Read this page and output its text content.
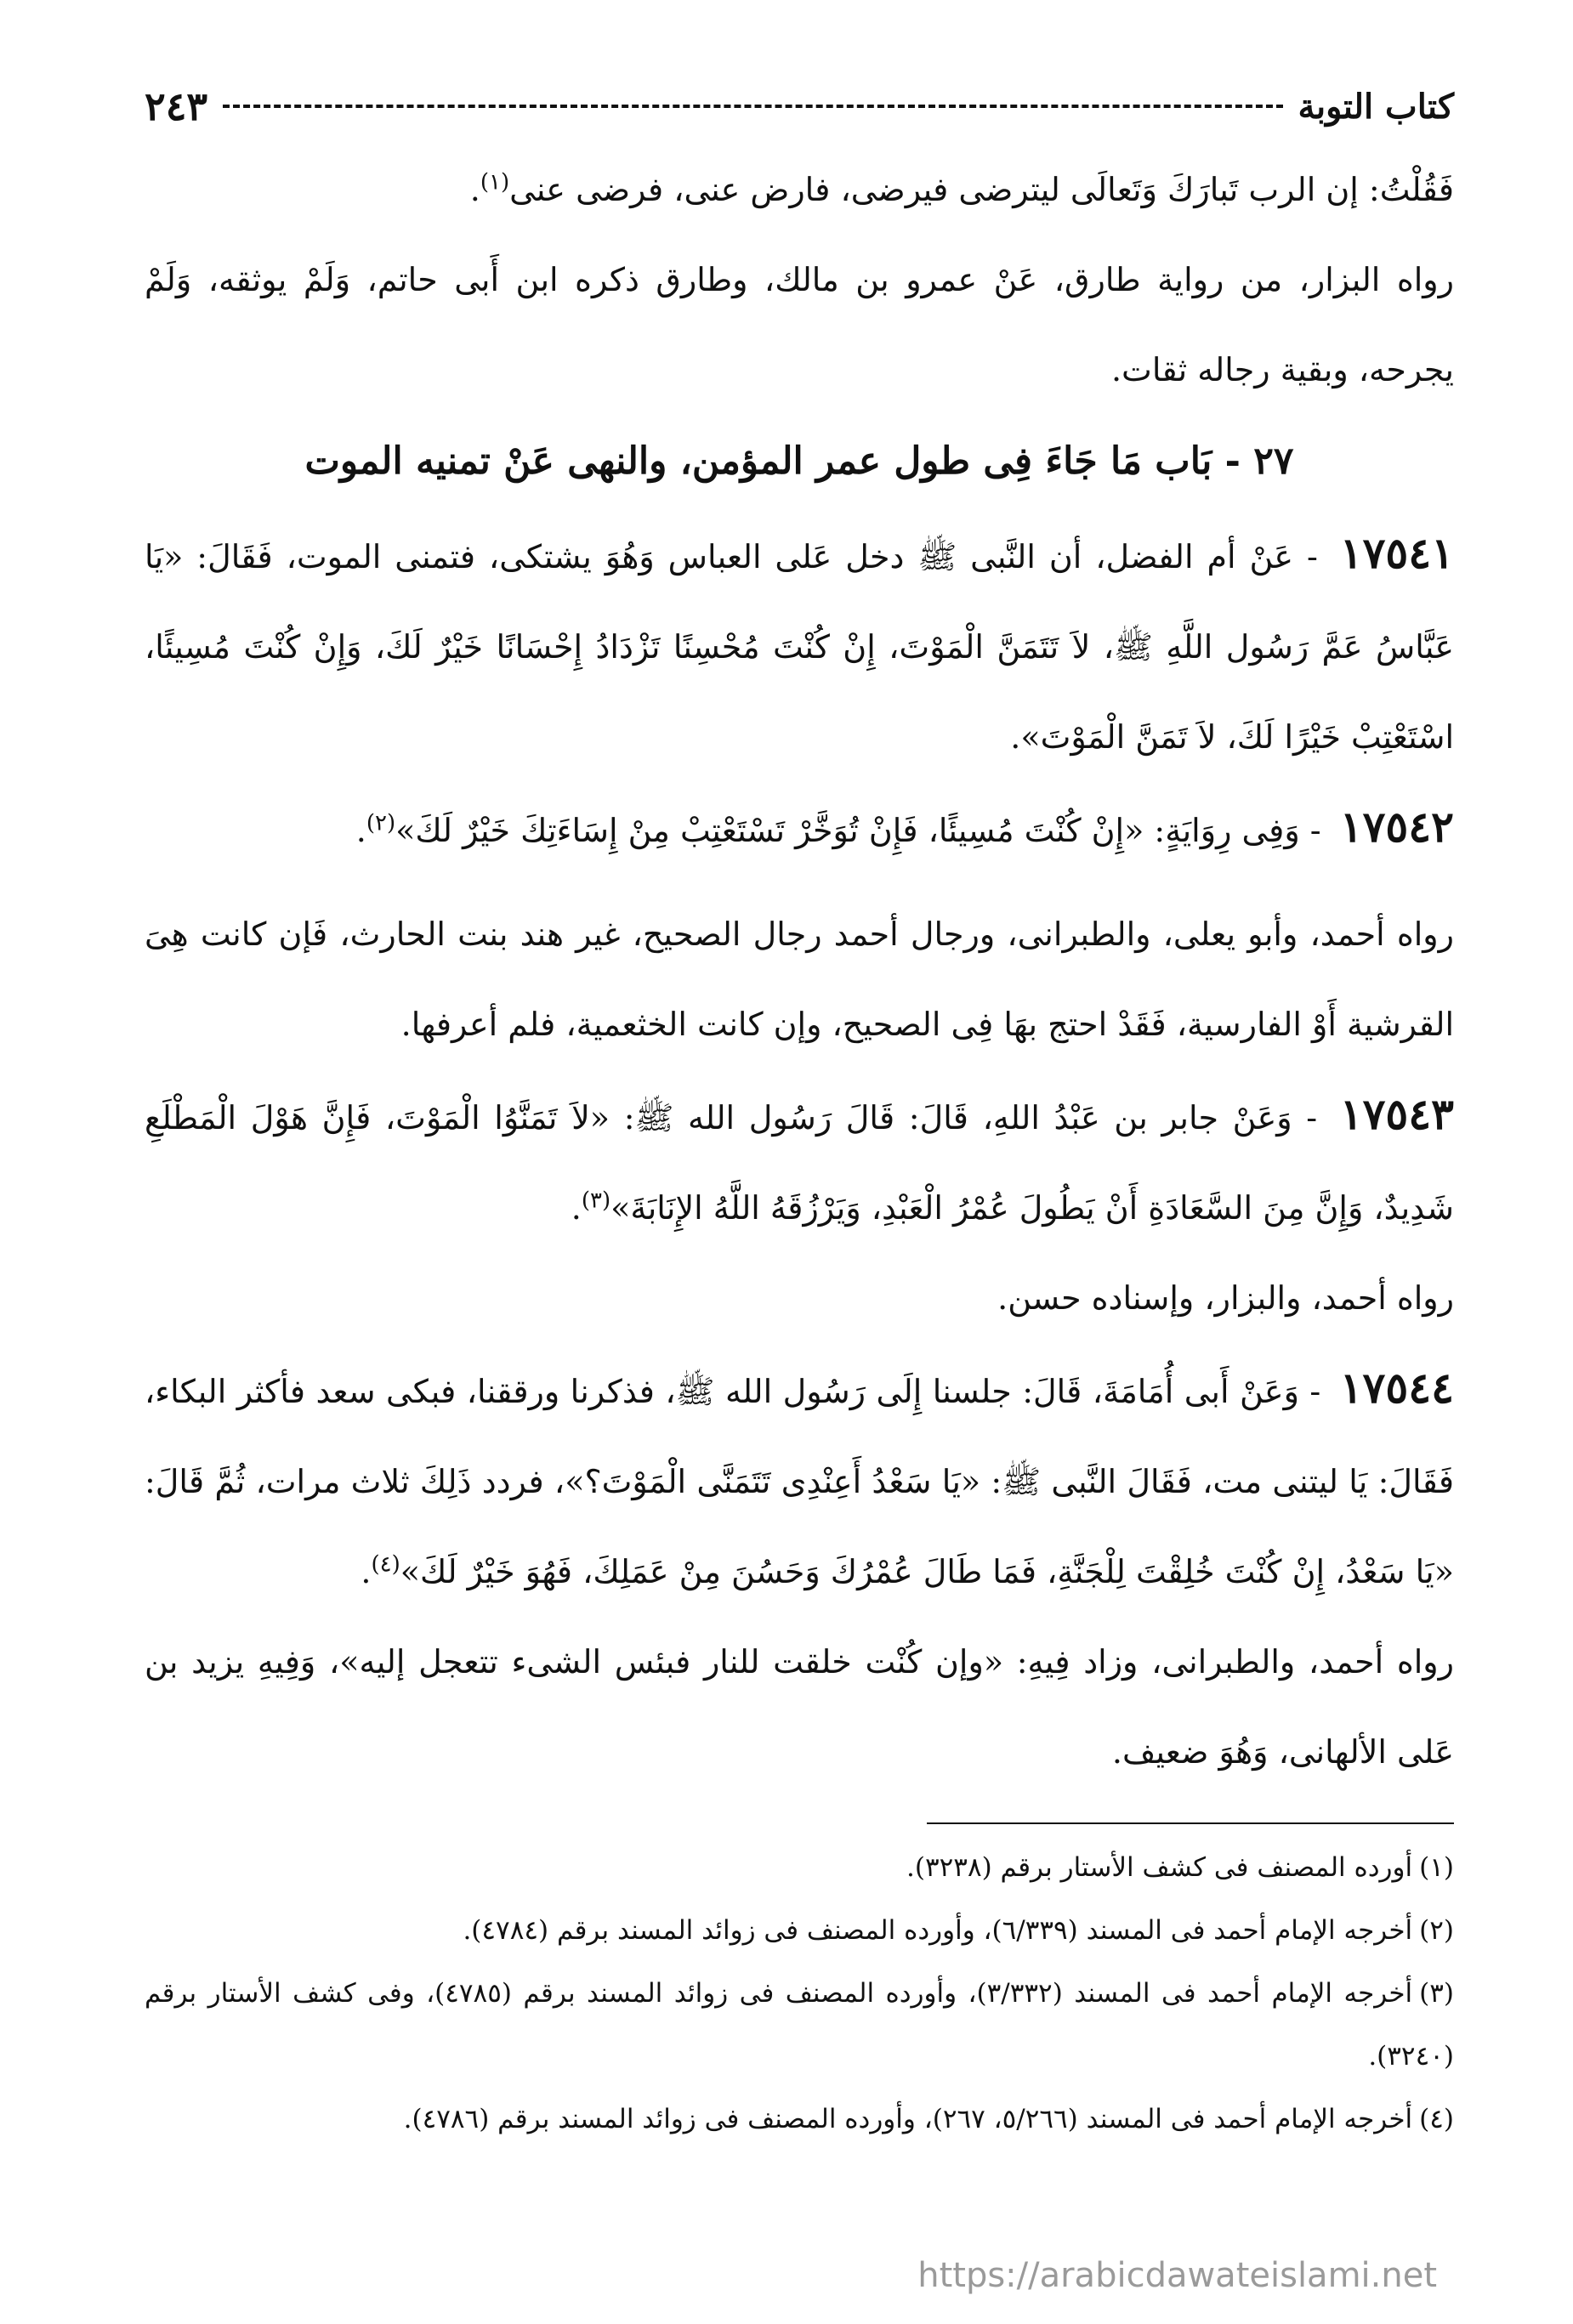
كتاب التوبة
٢٤٣

فَقُلْتُ: إن الرب تَبارَكَ وَتَعالَى ليترضى فيرضى، فارض عنى، فرضى عنى$^{(١)}$.

رواه البزار، من رواية طارق، عَنْ عمرو بن مالك، وطارق ذكره ابن أَبى حاتم، وَلَمْ يوثقه، وَلَمْ يجرحه، وبقية رجاله ثقات.

٢٧ - بَاب مَا جَاءَ فِى طول عمر المؤمن، والنهى عَنْ تمنيه الموت

١٧٥٤١ - عَنْ أم الفضل، أن النَّبى ﷺ دخل عَلى العباس وَهُوَ يشتكى، فتمنى الموت، فَقَالَ: «يَا عَبَّاسُ عَمَّ رَسُول اللَّهِ ﷺ، لاَ تَتَمَنَّ الْمَوْتَ، إِنْ كُنْتَ مُحْسِنًا تَزْدَادُ إِحْسَانًا خَيْرٌ لَكَ، وَإِنْ كُنْتَ مُسِيئًا، اسْتَعْتِبْ خَيْرًا لَكَ، لاَ تَمَنَّ الْمَوْتَ».

١٧٥٤٢ - وَفِى رِوَايَةٍ: «إِنْ كُنْتَ مُسِيئًا، فَإِنْ تُوَخَّرْ تَسْتَعْتِبْ مِنْ إِسَاءَتِكَ خَيْرٌ لَكَ»$^{(٢)}$.

رواه أحمد، وأبو يعلى، والطبرانى، ورجال أحمد رجال الصحيح، غير هند بنت الحارث، فَإن كانت هِىَ القرشية أَوْ الفارسية، فَقَدْ احتج بهَا فِى الصحيح، وإن كانت الخثعمية، فلم أعرفها.

١٧٥٤٣ - وَعَنْ جابر بن عَبْدُ اللهِ، قَالَ: قَالَ رَسُول الله ﷺ: «لاَ تَمَنَّوُا الْمَوْتَ، فَإِنَّ هَوْلَ الْمَطْلَعِ شَدِيدٌ، وَإِنَّ مِنَ السَّعَادَةِ أَنْ يَطُولَ عُمْرُ الْعَبْدِ، وَيَرْزُقَهُ اللَّهُ الإِنَابَةَ»$^{(٣)}$.

رواه أحمد، والبزار، وإسناده حسن.

١٧٥٤٤ - وَعَنْ أَبى أُمَامَةَ، قَالَ: جلسنا إِلَى رَسُول الله ﷺ، فذكرنا ورققنا، فبكى سعد فأكثر البكاء، فَقَالَ: يَا ليتنى مت، فَقَالَ النَّبى ﷺ: «يَا سَعْدُ أَعِنْدِى تَتَمَنَّى الْمَوْتَ؟»، فردد ذَلِكَ ثلاث مرات، ثُمَّ قَالَ: «يَا سَعْدُ، إِنْ كُنْتَ خُلِقْتَ لِلْجَنَّةِ، فَمَا طَالَ عُمْرُكَ وَحَسُنَ مِنْ عَمَلِكَ، فَهُوَ خَيْرٌ لَكَ»$^{(٤)}$.

رواه أحمد، والطبرانى، وزاد فِيهِ: «وإن كُنْت خلقت للنار فبئس الشىء تتعجل إليه»، وَفِيهِ يزيد بن عَلى الألهانى، وَهُوَ ضعيف.

(١)أورده المصنف فى كشف الأستار برقم (٣٢٣٨).

(٢)أخرجه الإمام أحمد فى المسند (٦/٣٣٩)، وأورده المصنف فى زوائد المسند برقم (٤٧٨٤).

(٣)أخرجه الإمام أحمد فى المسند (٣/٣٣٢)، وأورده المصنف فى زوائد المسند برقم (٤٧٨٥)، وفى كشف الأستار برقم (٣٢٤٠).

(٤)أخرجه الإمام أحمد فى المسند (٥/٢٦٦، ٢٦٧)، وأورده المصنف فى زوائد المسند برقم (٤٧٨٦).

https://arabicdawateislami.net
